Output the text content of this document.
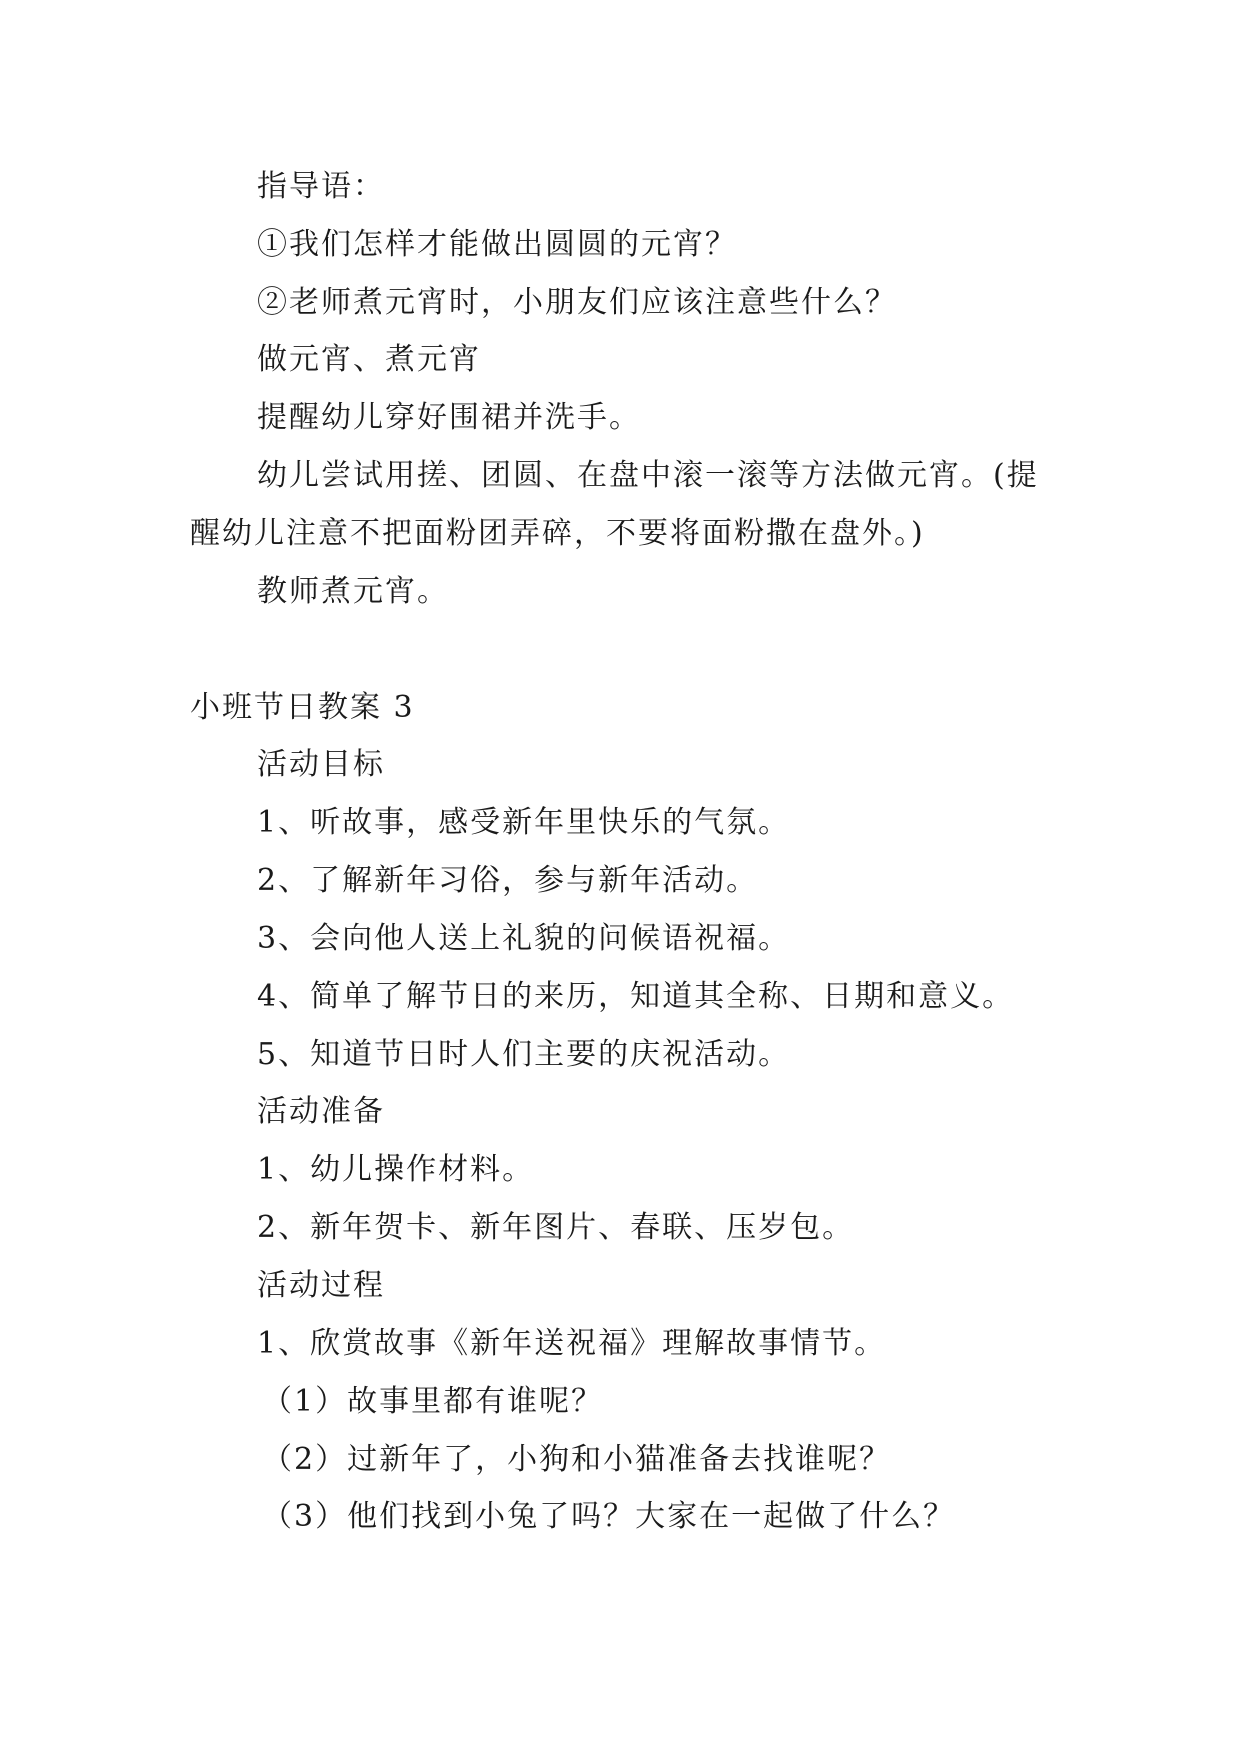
指导语：
①我们怎样才能做出圆圆的元宵？
②老师煮元宵时，小朋友们应该注意些什么？
做元宵、煮元宵
提醒幼儿穿好围裙并洗手。
幼儿尝试用搓、团圆、在盘中滚一滚等方法做元宵。(提
醒幼儿注意不把面粉团弄碎，不要将面粉撒在盘外。)
教师煮元宵。
小班节日教案 3
活动目标
1、听故事，感受新年里快乐的气氛。
2、了解新年习俗，参与新年活动。
3、会向他人送上礼貌的问候语祝福。
4、简单了解节日的来历，知道其全称、日期和意义。
5、知道节日时人们主要的庆祝活动。
活动准备
1、幼儿操作材料。
2、新年贺卡、新年图片、春联、压岁包。
活动过程
1、欣赏故事《新年送祝福》理解故事情节。
（1）故事里都有谁呢？
（2）过新年了，小狗和小猫准备去找谁呢？
（3）他们找到小兔了吗？大家在一起做了什么？
